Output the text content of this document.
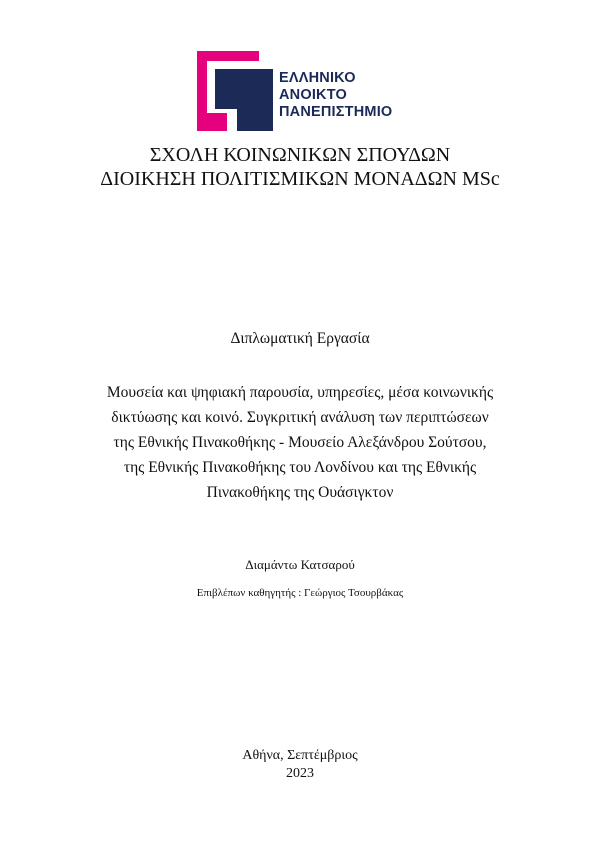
ΕΛΛΗΝΙΚΟ
ΑΝΟΙΚΤΟ
ΠΑΝΕΠΙΣΤΗΜΙΟ
ΣΧΟΛΗ ΚΟΙΝΩΝΙΚΩΝ ΣΠΟΥΔΩΝ
ΔΙΟΙΚΗΣΗ ΠΟΛΙΤΙΣΜΙΚΩΝ ΜΟΝΑΔΩΝ MSc
Διπλωματική Εργασία
Μουσεία και ψηφιακή παρουσία, υπηρεσίες, μέσα κοινωνικής
δικτύωσης και κοινό. Συγκριτική ανάλυση των περιπτώσεων
της Εθνικής Πινακοθήκης - Μουσείο Αλεξάνδρου Σούτσου,
της Εθνικής Πινακοθήκης του Λονδίνου και της Εθνικής
Πινακοθήκης της Ουάσιγκτον
Διαμάντω Κατσαρού
Επιβλέπων καθηγητής : Γεώργιος Τσουρβάκας
Αθήνα, Σεπτέμβριος
2023
